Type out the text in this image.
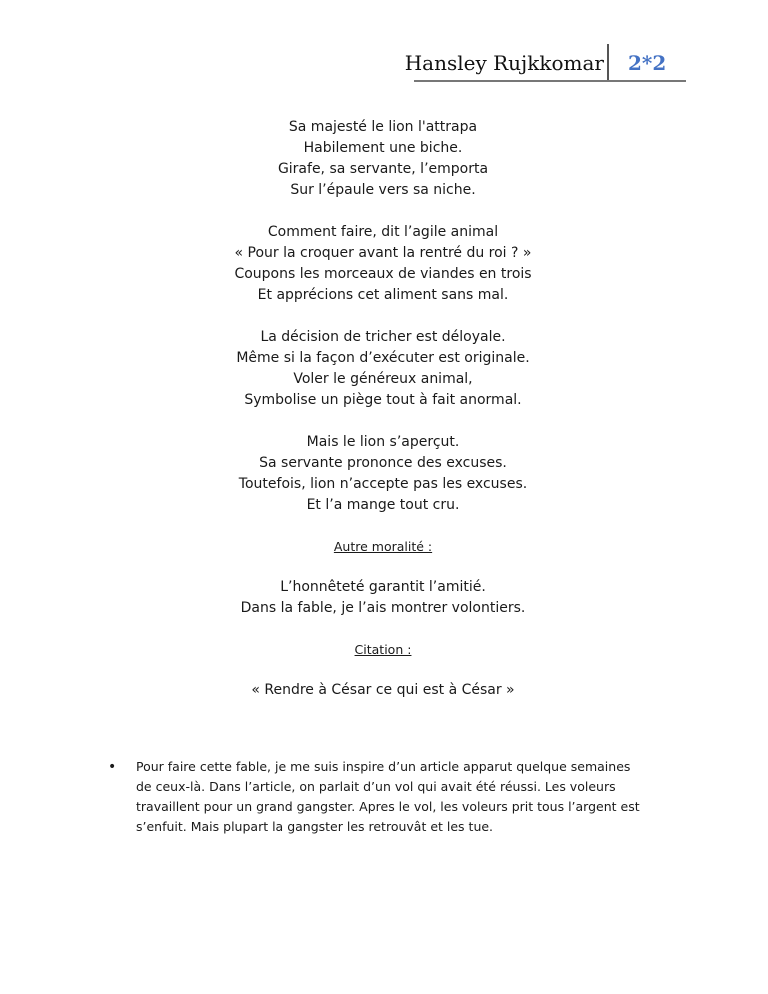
Hansley Rujkkomar 2*2
Sa majesté le lion l'attrapa
Habilement une biche.
Girafe, sa servante, l’emporta
Sur l’épaule vers sa niche.
Comment faire, dit l’agile animal
« Pour la croquer avant la rentré du roi ? »
Coupons les morceaux de viandes en trois
Et apprécions cet aliment sans mal.
La décision de tricher est déloyale.
Même si la façon d’exécuter est originale.
Voler le généreux animal,
Symbolise un piège tout à fait anormal.
Mais le lion s’aperçut.
Sa servante prononce des excuses.
Toutefois, lion n’accepte pas les excuses.
Et l’a mange tout cru.
Autre moralité :
L’honnêteté garantit l’amitié.
Dans la fable, je l’ais montrer volontiers.
Citation :
« Rendre à César ce qui est à César »
• Pour faire cette fable, je me suis inspire d’un article apparut quelque semaines de ceux-là. Dans l’article, on parlait d’un vol qui avait été réussi. Les voleurs travaillent pour un grand gangster. Apres le vol, les voleurs prit tous l’argent est s’enfuit. Mais plupart la gangster les retrouvât et les tue.
